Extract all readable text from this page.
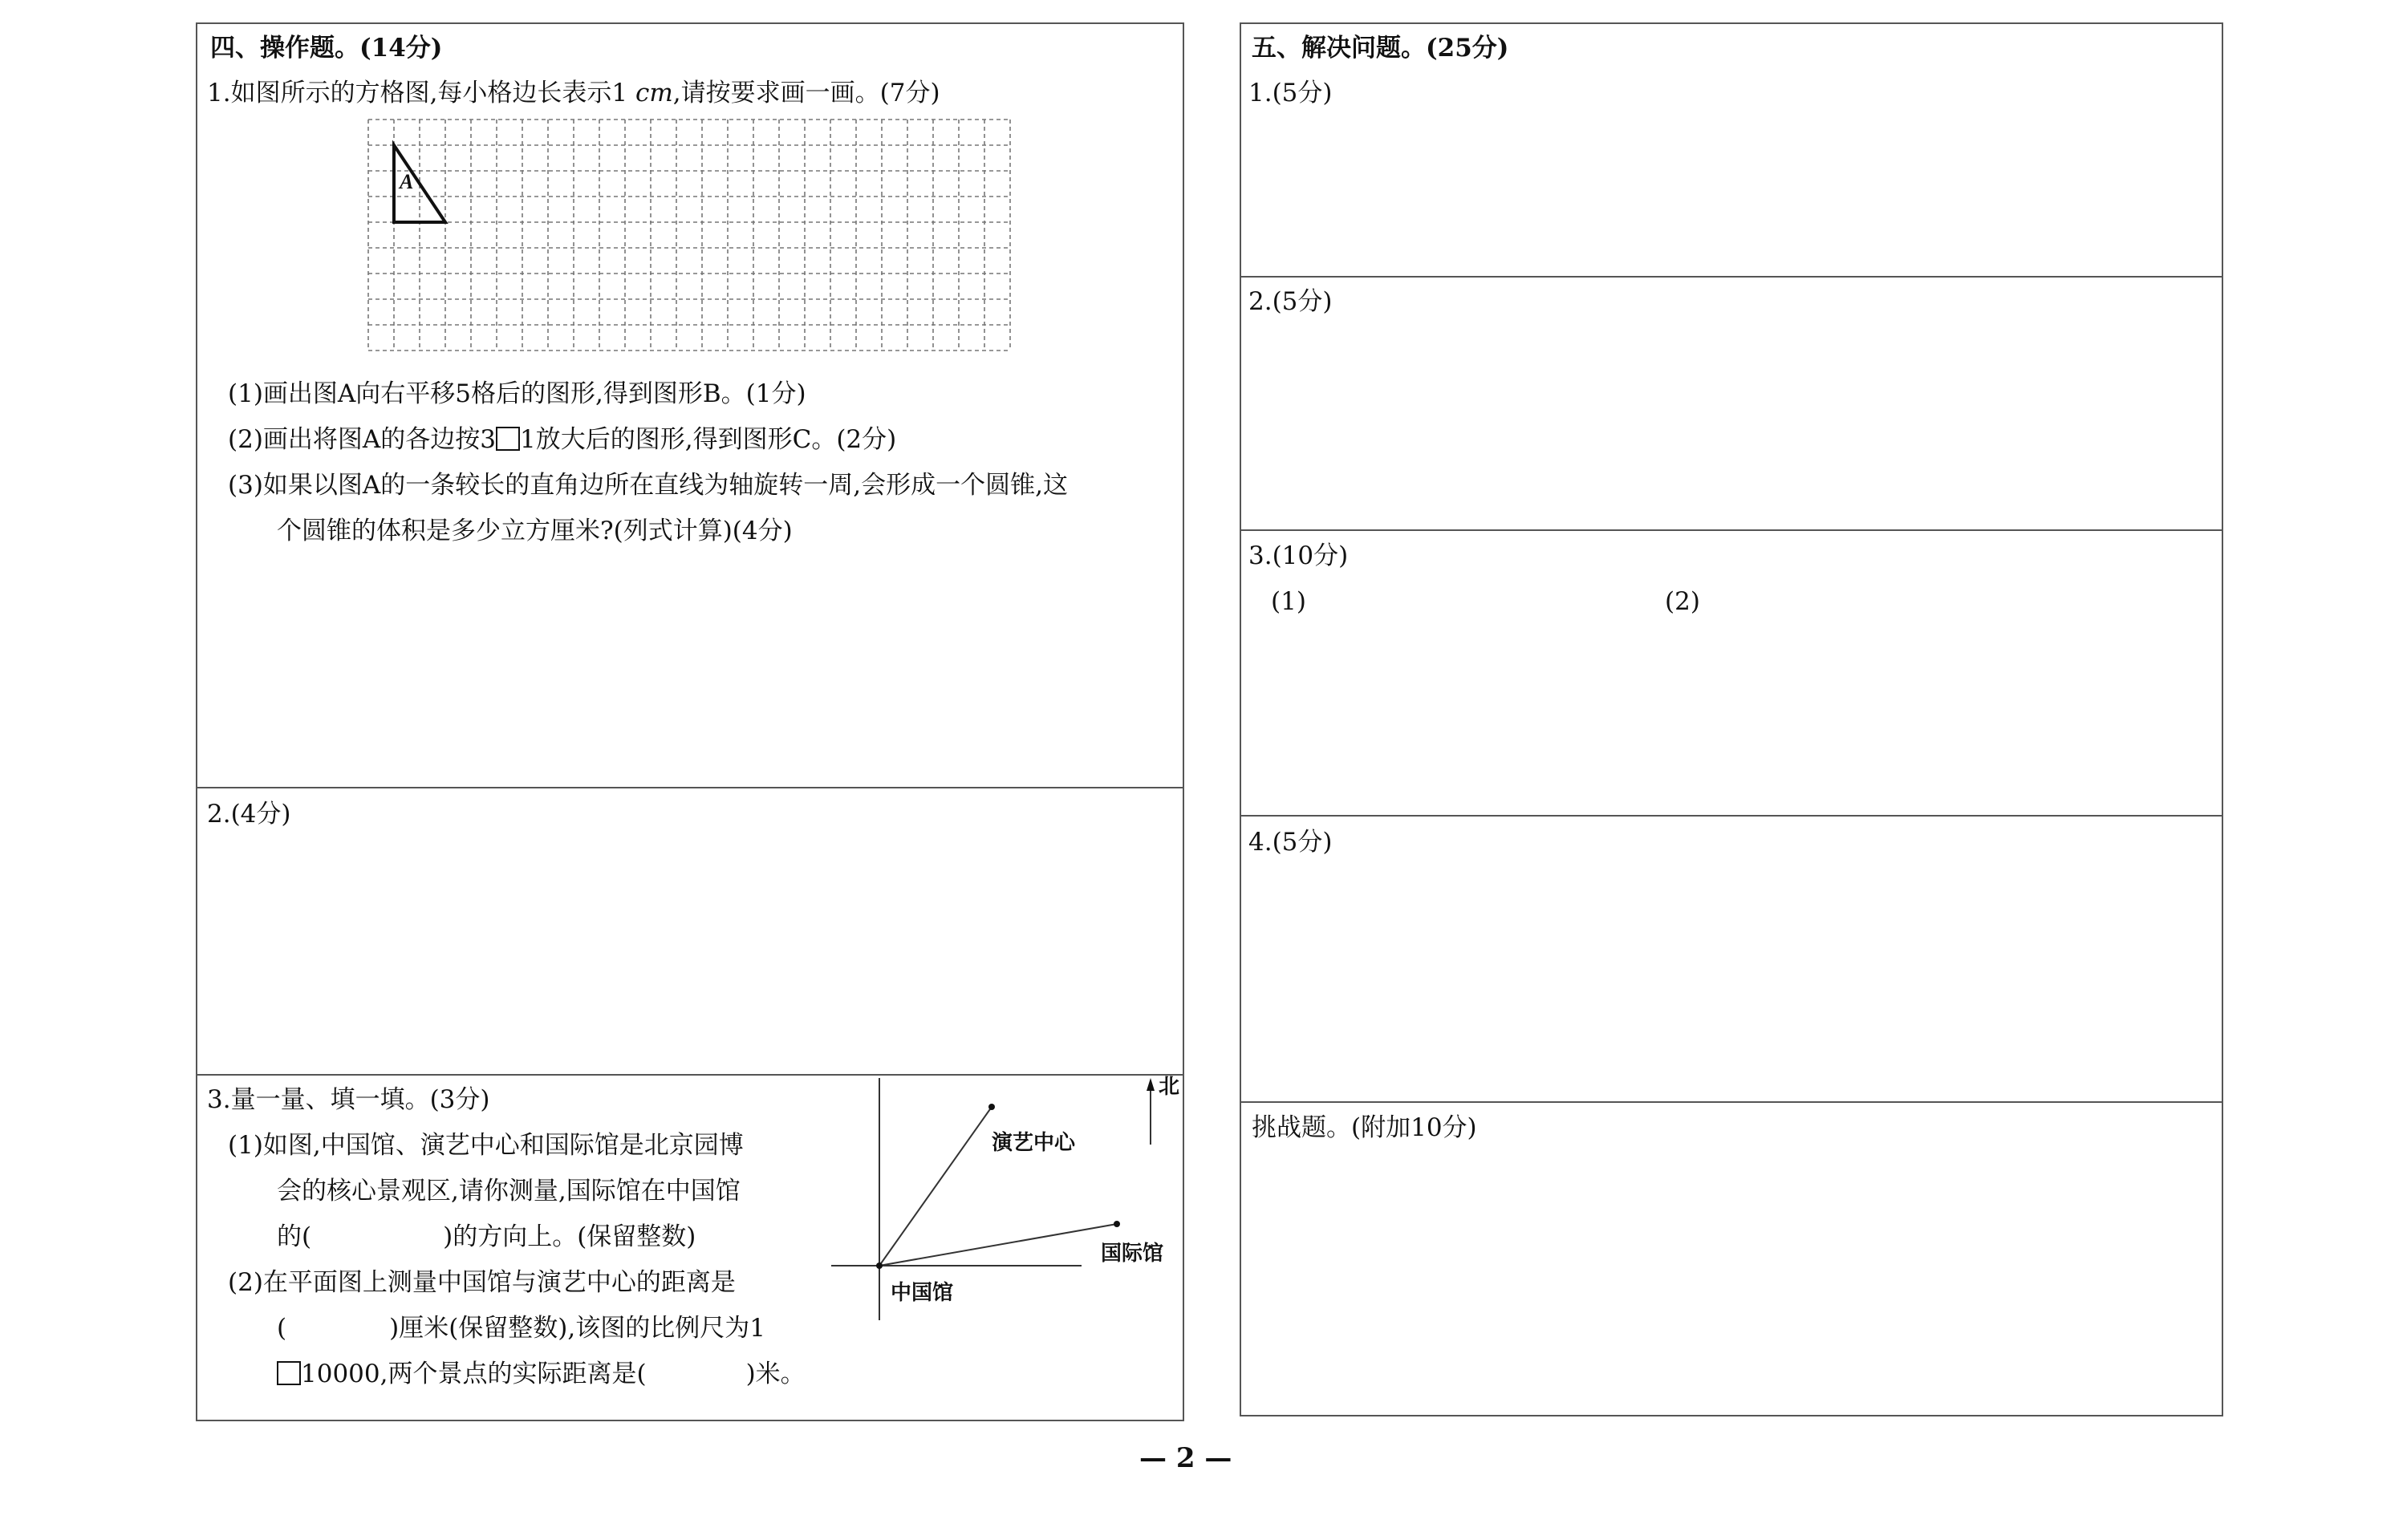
四、操作题。(14分)
1.如图所示的方格图,每小格边长表示1 cm,请按要求画一画。(7分)
A
(1)画出图A向右平移5格后的图形,得到图形B。(1分)
(2)画出将图A的各边按3 1放大后的图形,得到图形C。(2分)
(3)如果以图A的一条较长的直角边所在直线为轴旋转一周,会形成一个圆锥,这
个圆锥的体积是多少立方厘米?(列式计算)(4分)
2.(4分)
3.量一量、填一填。(3分)
(1)如图,中国馆、演艺中心和国际馆是北京园博
会的核心景观区,请你测量,国际馆在中国馆
的(	)的方向上。(保留整数)
(2)在平面图上测量中国馆与演艺中心的距离是
(	)厘米(保留整数),该图的比例尺为1
10000,两个景点的实际距离是(	)米。
北
演艺中心
国际馆
中国馆
五、解决问题。(25分)
1.(5分)
2.(5分)
3.(10分)
(1)	(2)
4.(5分)
挑战题。(附加10分)
— 2 —
